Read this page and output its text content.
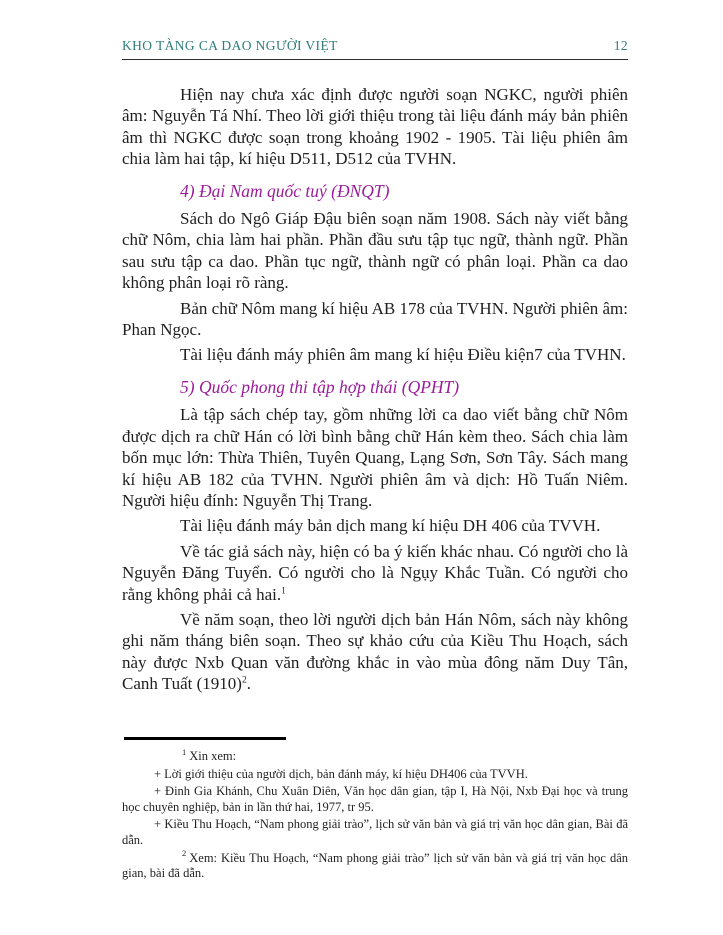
KHO TÀNG CA DAO NGƯỜI VIỆT	12

Hiện nay chưa xác định được người soạn NGKC, người phiên âm: Nguyễn Tá Nhí. Theo lời giới thiệu trong tài liệu đánh máy bản phiên âm thì NGKC được soạn trong khoảng 1902 - 1905. Tài liệu phiên âm chia làm hai tập, kí hiệu D511, D512 của TVHN.

4) Đại Nam quốc tuý (ĐNQT)

Sách do Ngô Giáp Đậu biên soạn năm 1908. Sách này viết bằng chữ Nôm, chia làm hai phần. Phần đầu sưu tập tục ngữ, thành ngữ. Phần sau sưu tập ca dao. Phần tục ngữ, thành ngữ có phân loại. Phần ca dao không phân loại rõ ràng.

Bản chữ Nôm mang kí hiệu AB 178 của TVHN. Người phiên âm: Phan Ngọc.

Tài liệu đánh máy phiên âm mang kí hiệu Điều kiện7 của TVHN.

5) Quốc phong thi tập hợp thái (QPHT)

Là tập sách chép tay, gồm những lời ca dao viết bằng chữ Nôm được dịch ra chữ Hán có lời bình bằng chữ Hán kèm theo. Sách chia làm bốn mục lớn: Thừa Thiên, Tuyên Quang, Lạng Sơn, Sơn Tây. Sách mang kí hiệu AB 182 của TVHN. Người phiên âm và dịch: Hồ Tuấn Niêm. Người hiệu đính: Nguyễn Thị Trang.

Tài liệu đánh máy bản dịch mang kí hiệu DH 406 của TVVH.

Về tác giả sách này, hiện có ba ý kiến khác nhau. Có người cho là Nguyễn Đăng Tuyển. Có người cho là Ngụy Khắc Tuần. Có người cho rằng không phải cả hai.$^1$

Về năm soạn, theo lời người dịch bản Hán Nôm, sách này không ghi năm tháng biên soạn. Theo sự khảo cứu của Kiều Thu Hoạch, sách này được Nxb Quan văn đường khắc in vào mùa đông năm Duy Tân, Canh Tuất (1910)$^2$.

$^1$ Xin xem:

+ Lời giới thiệu của người dịch, bản đánh máy, kí hiệu DH406 của TVVH.

+ Đinh Gia Khánh, Chu Xuân Diên, Văn học dân gian, tập I, Hà Nội, Nxb Đại học và trung học chuyên nghiệp, bản in lần thứ hai, 1977, tr 95.

+ Kiều Thu Hoạch, “Nam phong giải trào”, lịch sử văn bản và giá trị văn học dân gian, Bài đã dẫn.

$^2$ Xem: Kiều Thu Hoạch, “Nam phong giải trào” lịch sử văn bản và giá trị văn học dân gian, bài đã dẫn.
